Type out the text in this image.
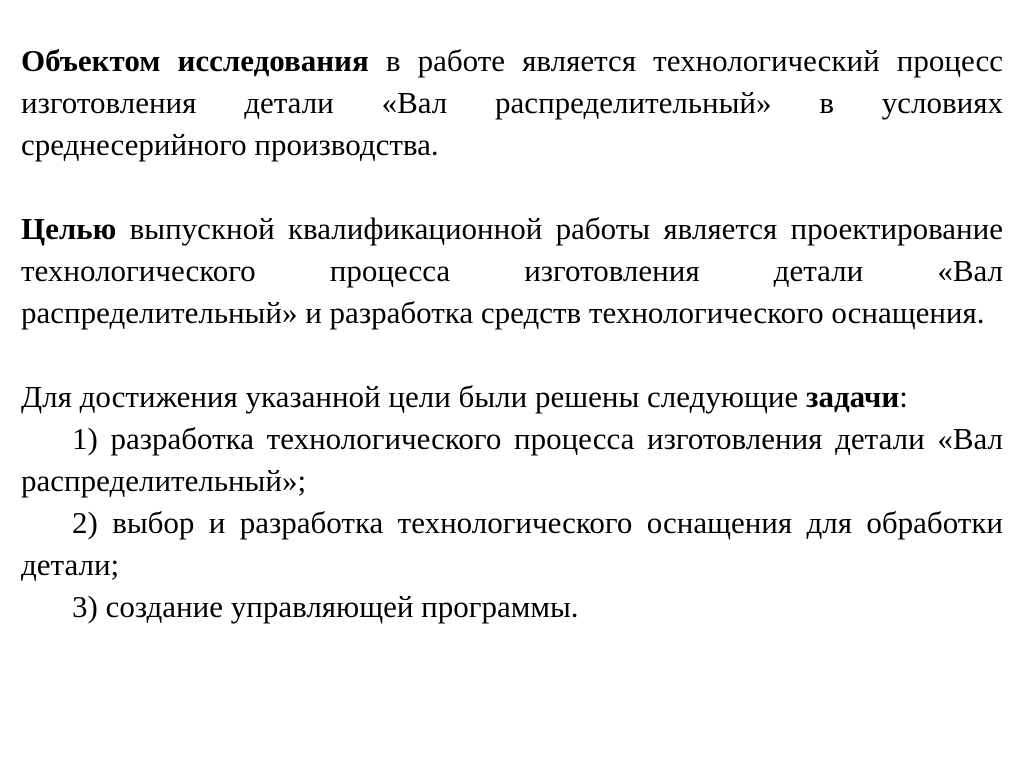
Объектом исследования в работе является технологический процесс изготовления детали «Вал распределительный» в условиях среднесерийного производства.

Целью выпускной квалификационной работы является проектирование технологического процесса изготовления детали «Вал распределительный» и разработка средств технологического оснащения.

Для достижения указанной цели были решены следующие задачи:

1) разработка технологического процесса изготовления детали «Вал распределительный»;

2) выбор и разработка технологического оснащения для обработки детали;

3) создание управляющей программы.
